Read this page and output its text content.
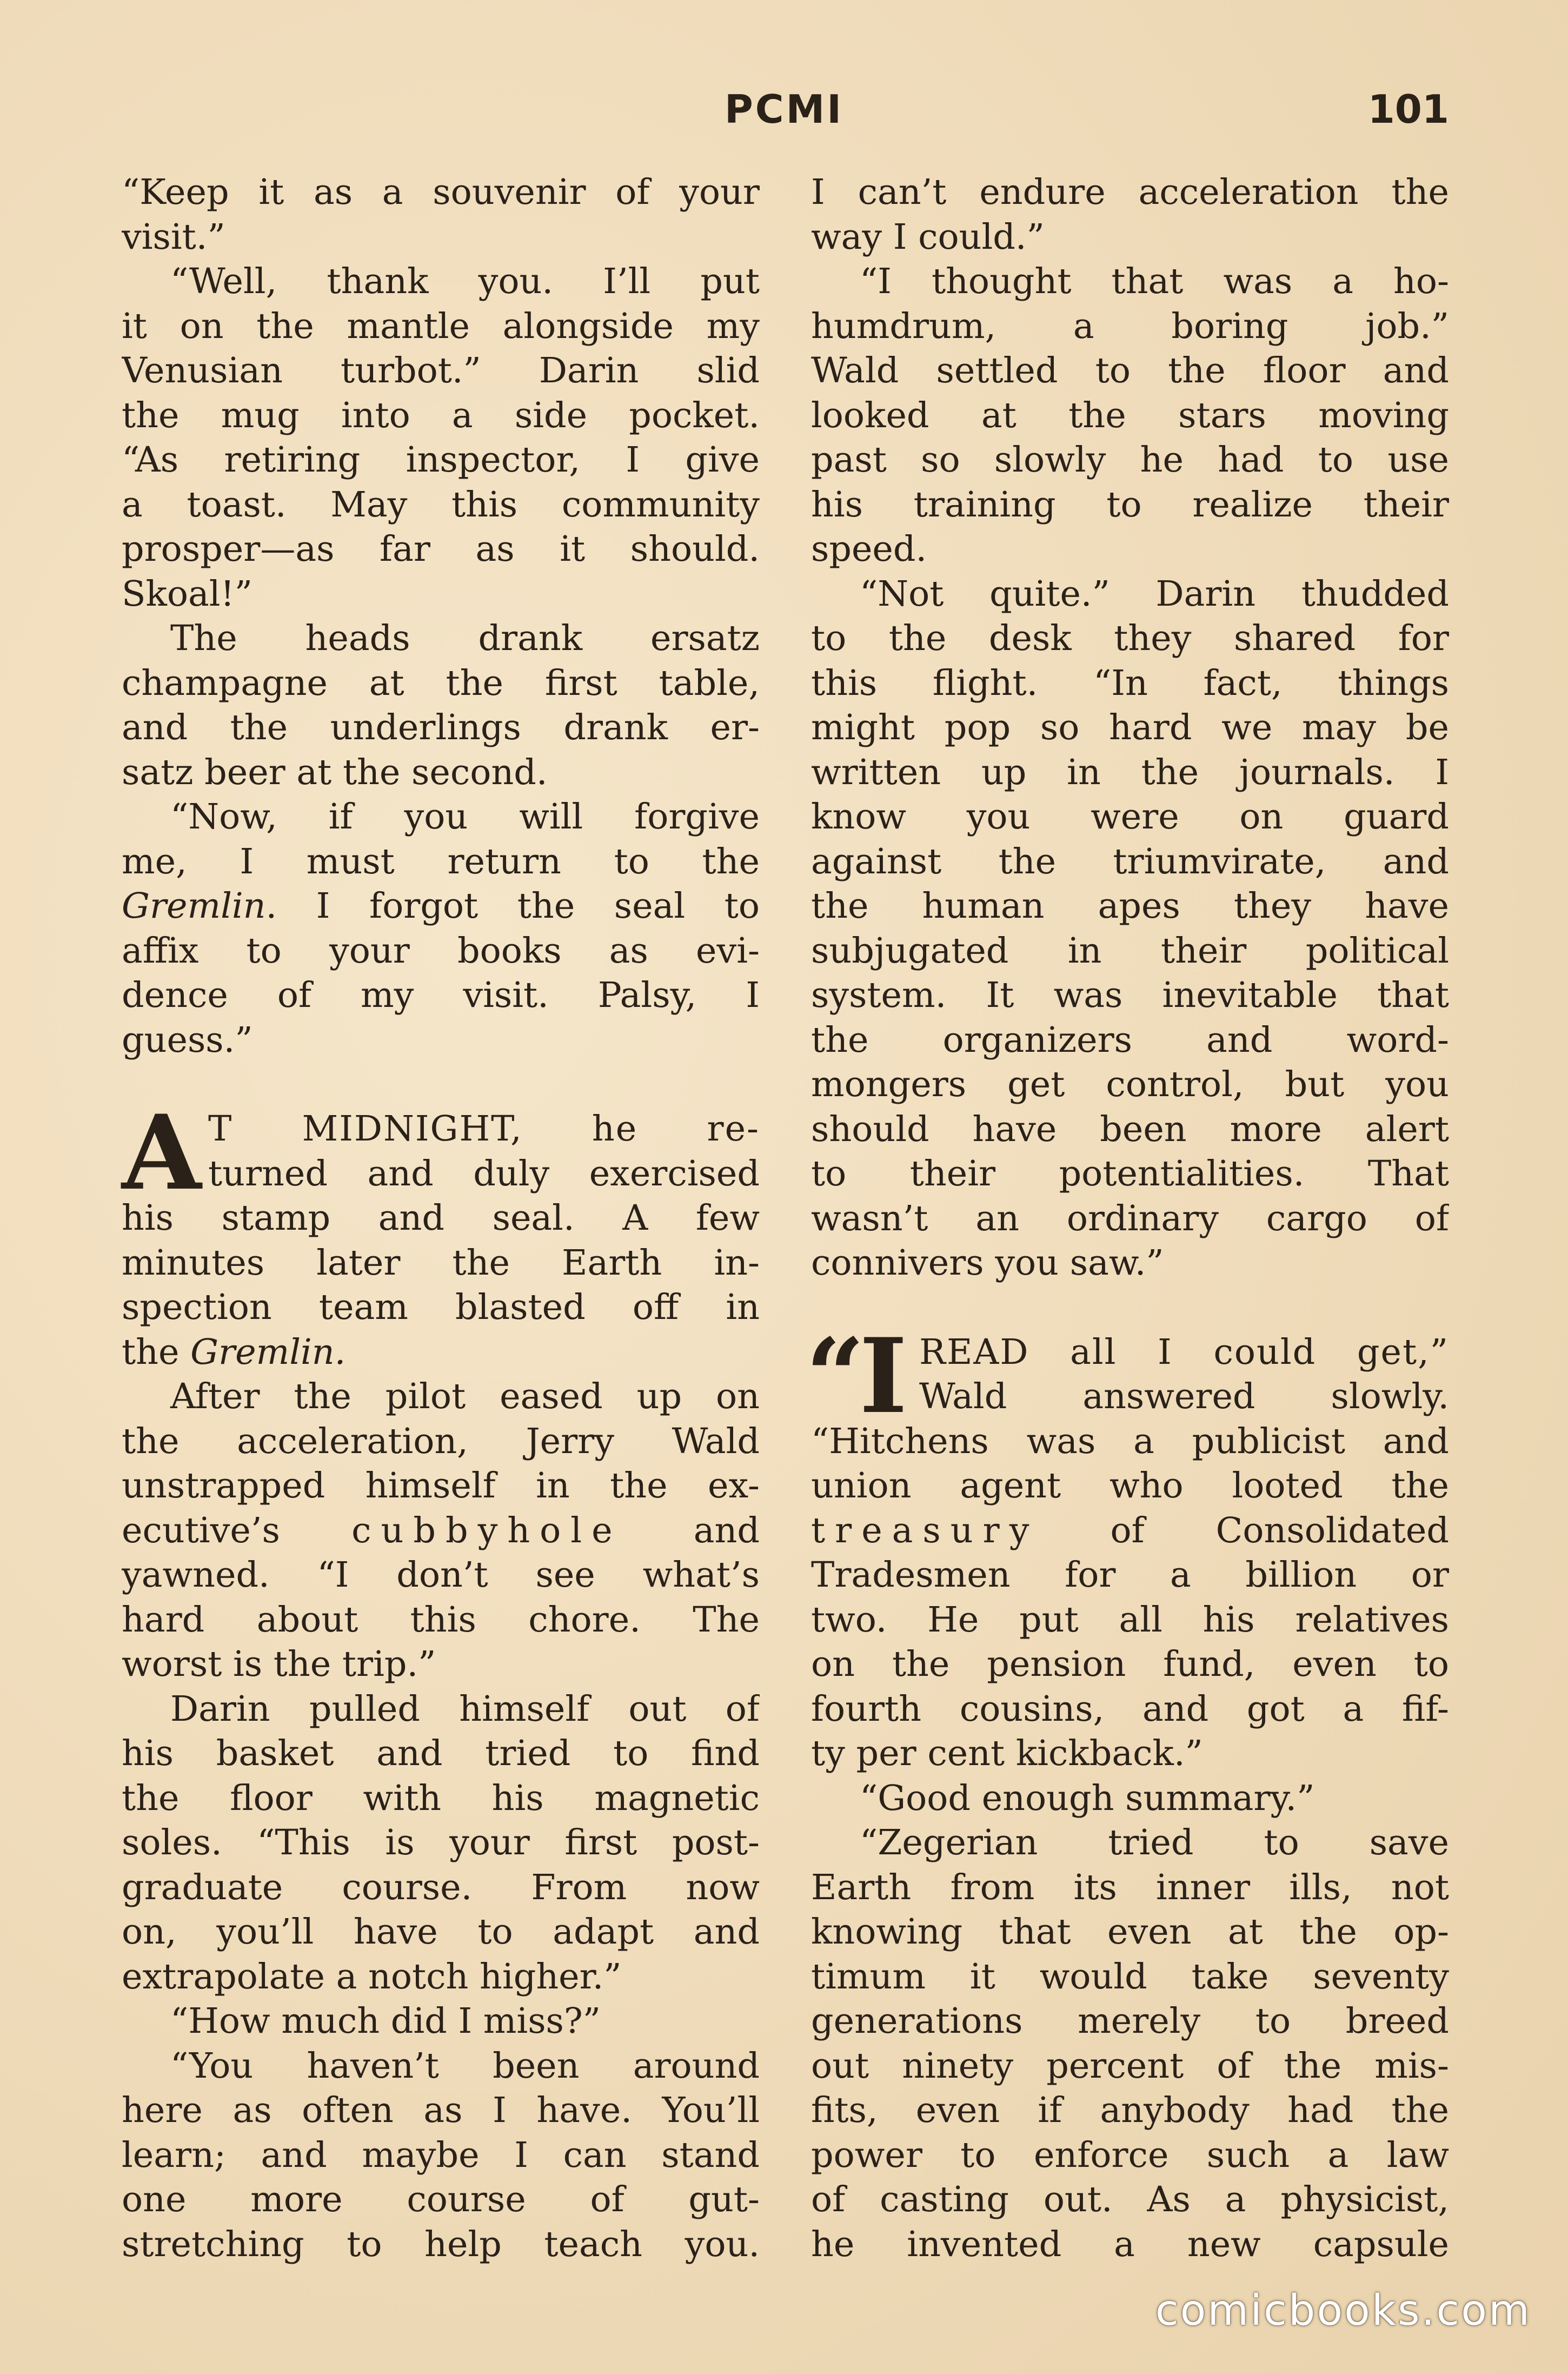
PCMI	101
“Keep it as a souvenir of your
visit.”
“Well, thank you. I’ll put
it on the mantle alongside my
Venusian turbot.” Darin slid
the mug into a side pocket.
“As retiring inspector, I give
a toast. May this community
prosper—as far as it should.
Skoal!”
The heads drank ersatz
champagne at the first table,
and the underlings drank er-
satz beer at the second.
“Now, if you will forgive
me, I must return to the
Gremlin. I forgot the seal to
affix to your books as evi-
dence of my visit. Palsy, I
guess.”
A T MIDNIGHT, he re-
turned and duly exercised
his stamp and seal. A few
minutes later the Earth in-
spection team blasted off in
the Gremlin.
After the pilot eased up on
the acceleration, Jerry Wald
unstrapped himself in the ex-
ecutive’s cubbyhole and
yawned. “I don’t see what’s
hard about this chore. The
worst is the trip.”
Darin pulled himself out of
his basket and tried to find
the floor with his magnetic
soles. “This is your first post-
graduate course. From now
on, you’ll have to adapt and
extrapolate a notch higher.”
“How much did I miss?”
“You haven’t been around
here as often as I have. You’ll
learn; and maybe I can stand
one more course of gut-
stretching to help teach you.
I can’t endure acceleration the
way I could.”
“I thought that was a ho-
humdrum, a boring job.”
Wald settled to the floor and
looked at the stars moving
past so slowly he had to use
his training to realize their
speed.
“Not quite.” Darin thudded
to the desk they shared for
this flight. “In fact, things
might pop so hard we may be
written up in the journals. I
know you were on guard
against the triumvirate, and
the human apes they have
subjugated in their political
system. It was inevitable that
the organizers and word-
mongers get control, but you
should have been more alert
to their potentialities. That
wasn’t an ordinary cargo of
connivers you saw.”
“I READ all I could get,”
Wald answered slowly.
“Hitchens was a publicist and
union agent who looted the
treasury of Consolidated
Tradesmen for a billion or
two. He put all his relatives
on the pension fund, even to
fourth cousins, and got a fif-
ty per cent kickback.”
“Good enough summary.”
“Zegerian tried to save
Earth from its inner ills, not
knowing that even at the op-
timum it would take seventy
generations merely to breed
out ninety percent of the mis-
fits, even if anybody had the
power to enforce such a law
of casting out. As a physicist,
he invented a new capsule
comicbooks.com
